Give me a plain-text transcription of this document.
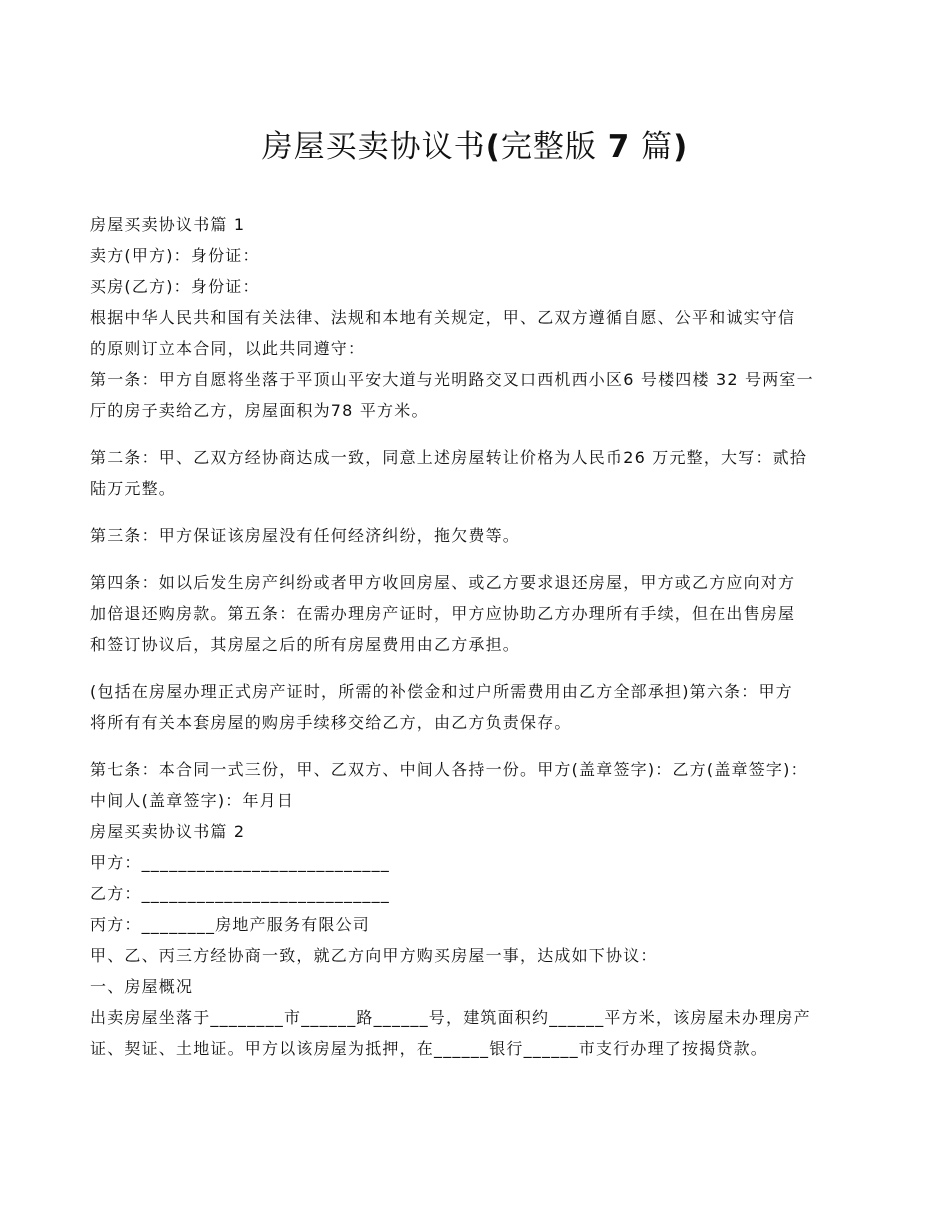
房屋买卖协议书(完整版 7 篇)
房屋买卖协议书篇 1
卖方(甲方)：身份证：
买房(乙方)：身份证：
根据中华人民共和国有关法律、法规和本地有关规定，甲、乙双方遵循自愿、公平和诚实守信
的原则订立本合同，以此共同遵守：
第一条：甲方自愿将坐落于平顶山平安大道与光明路交叉口西机西小区6 号楼四楼 32 号两室一
厅的房子卖给乙方，房屋面积为78 平方米。
第二条：甲、乙双方经协商达成一致，同意上述房屋转让价格为人民币26 万元整，大写：贰拾
陆万元整。
第三条：甲方保证该房屋没有任何经济纠纷，拖欠费等。
第四条：如以后发生房产纠纷或者甲方收回房屋、或乙方要求退还房屋，甲方或乙方应向对方
加倍退还购房款。第五条：在需办理房产证时，甲方应协助乙方办理所有手续，但在出售房屋
和签订协议后，其房屋之后的所有房屋费用由乙方承担。
(包括在房屋办理正式房产证时，所需的补偿金和过户所需费用由乙方全部承担)第六条：甲方
将所有有关本套房屋的购房手续移交给乙方，由乙方负责保存。
第七条：本合同一式三份，甲、乙双方、中间人各持一份。甲方(盖章签字)：乙方(盖章签字)：
中间人(盖章签字)：年月日
房屋买卖协议书篇 2
甲方：___________________________
乙方：___________________________
丙方：________房地产服务有限公司
甲、乙、丙三方经协商一致，就乙方向甲方购买房屋一事，达成如下协议：
一、房屋概况
出卖房屋坐落于________市______路______号，建筑面积约______平方米，该房屋未办理房产
证、契证、土地证。甲方以该房屋为抵押，在______银行______市支行办理了按揭贷款。
